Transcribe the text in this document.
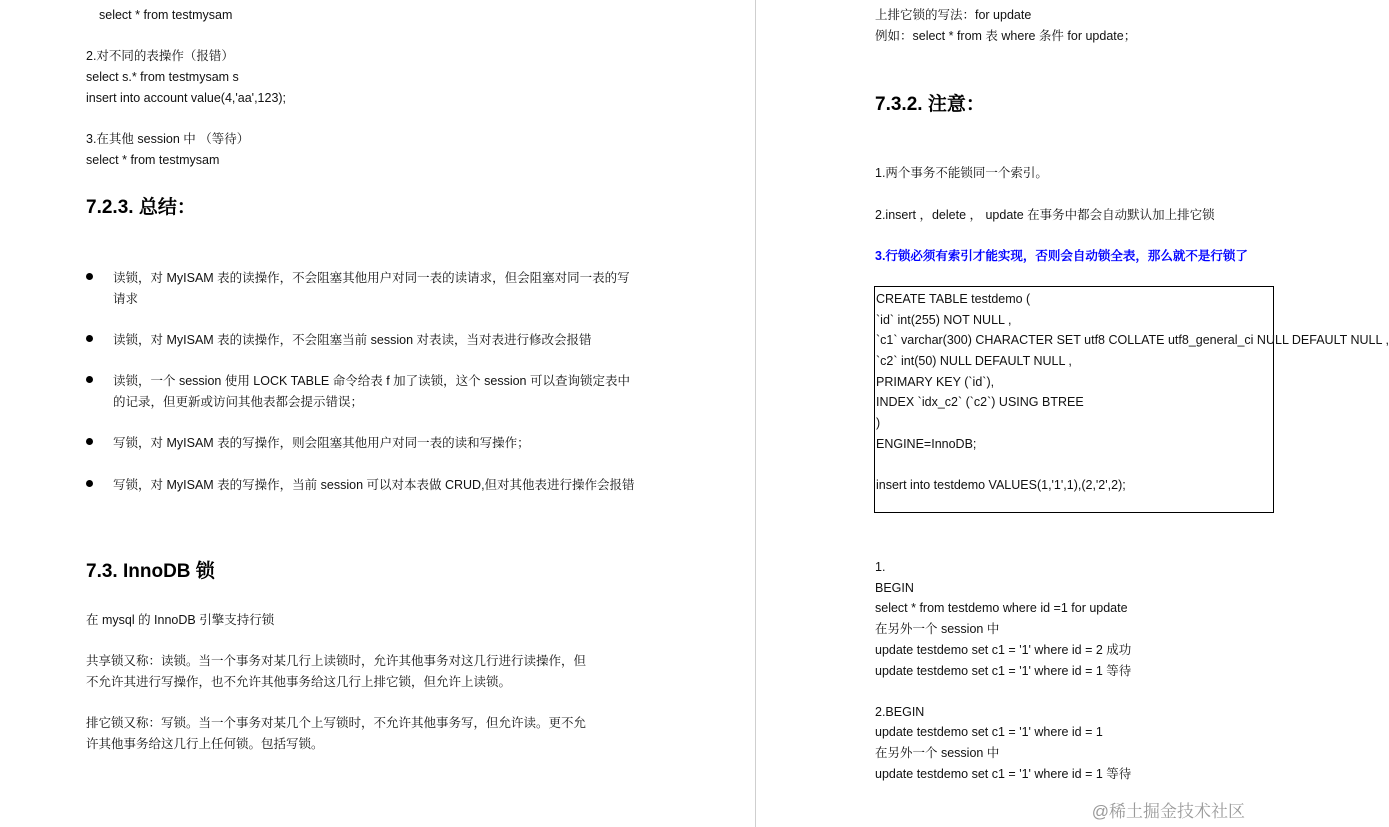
select * from testmysam
2.对不同的表操作（报错）
select s.* from testmysam s
insert into account value(4,'aa',123);
3.在其他 session 中 （等待）
select * from testmysam
7.2.3. 总结：
读锁，对 MyISAM 表的读操作，不会阻塞其他用户对同一表的读请求，但会阻塞对同一表的写请求
读锁，对 MyISAM 表的读操作，不会阻塞当前 session 对表读，当对表进行修改会报错
读锁，一个 session 使用 LOCK TABLE 命令给表 f 加了读锁，这个 session 可以查询锁定表中的记录，但更新或访问其他表都会提示错误；
写锁，对 MyISAM 表的写操作，则会阻塞其他用户对同一表的读和写操作；
写锁，对 MyISAM 表的写操作，当前 session 可以对本表做 CRUD,但对其他表进行操作会报错
7.3. InnoDB 锁
在 mysql 的 InnoDB 引擎支持行锁
共享锁又称：读锁。当一个事务对某几行上读锁时，允许其他事务对这几行进行读操作，但
不允许其进行写操作，也不允许其他事务给这几行上排它锁，但允许上读锁。
排它锁又称：写锁。当一个事务对某几个上写锁时，不允许其他事务写，但允许读。更不允
许其他事务给这几行上任何锁。包括写锁。
上排它锁的写法：for update
例如：select * from 表 where 条件 for update；
7.3.2. 注意：
1.两个事务不能锁同一个索引。
2.insert ，delete ， update 在事务中都会自动默认加上排它锁
3.行锁必须有索引才能实现，否则会自动锁全表，那么就不是行锁了
1.
BEGIN
select * from testdemo where id =1 for update
在另外一个 session 中
update testdemo set c1 = '1' where id = 2 成功
update testdemo set c1 = '1' where id = 1 等待
2.BEGIN
update testdemo set c1 = '1' where id = 1
在另外一个 session 中
update testdemo set c1 = '1' where id = 1 等待
CREATE TABLE testdemo (
`id` int(255) NOT NULL ,
`c1` varchar(300) CHARACTER SET utf8 COLLATE utf8_general_ci NULL DEFAULT NULL ,
`c2` int(50) NULL DEFAULT NULL ,
PRIMARY KEY (`id`),
INDEX `idx_c2` (`c2`) USING BTREE
)
ENGINE=InnoDB;
insert into testdemo VALUES(1,'1',1),(2,'2',2);
@稀土掘金技术社区
